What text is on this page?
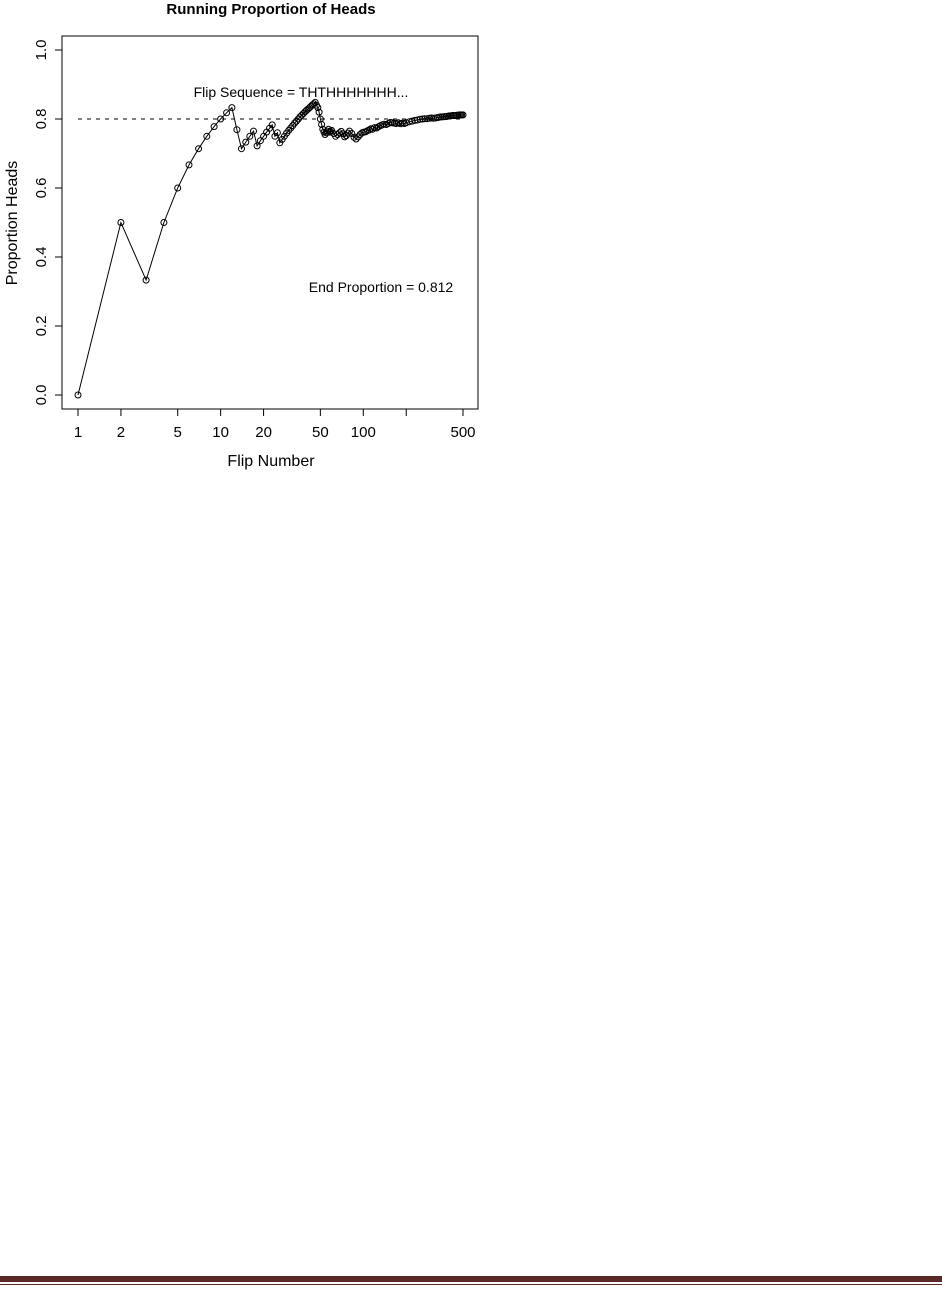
Running Proportion of Heads
0.0
0.2
0.4
0.6
0.8
1.0
1 2	5 10 20	50 100	500
Flip Sequence = THTHHHHHHH...
End Proportion = 0.812
Flip Number
Proportion Heads
